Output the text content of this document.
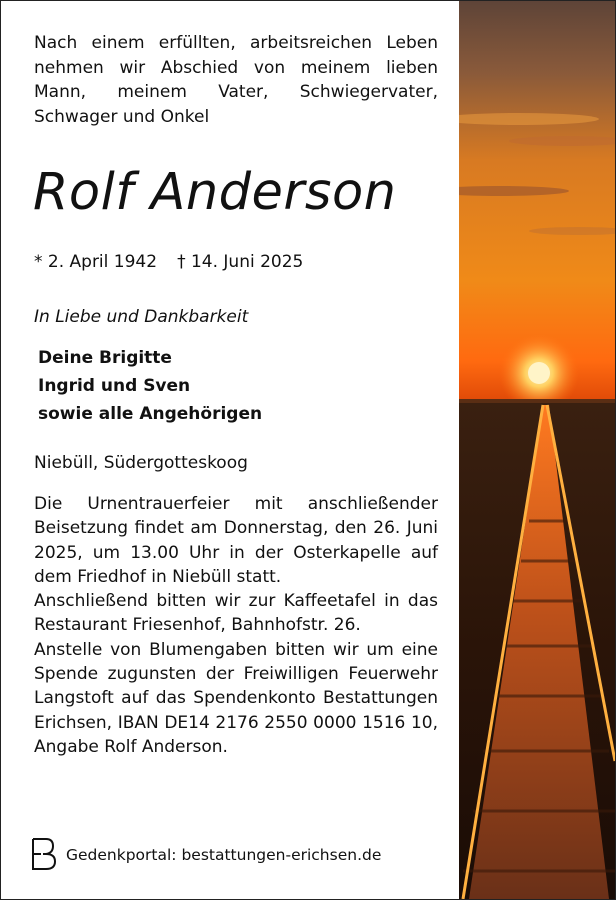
Nach einem erfüllten, arbeitsreichen Leben nehmen wir Abschied von meinem lieben Mann, meinem Vater, Schwiegervater, Schwager und Onkel
Rolf Anderson
* 2. April 1942 † 14. Juni 2025
In Liebe und Dankbarkeit
Deine Brigitte
Ingrid und Sven
sowie alle Angehörigen
Niebüll, Südergotteskoog

Die Urnentrauerfeier mit anschließender Beisetzung findet am Donnerstag, den 26. Juni 2025, um 13.00 Uhr in der Osterkapelle auf dem Friedhof in Niebüll statt.

Anschließend bitten wir zur Kaffeetafel in das Restaurant Friesenhof, Bahnhofstr. 26.

Anstelle von Blumengaben bitten wir um eine Spende zugunsten der Freiwilligen Feuerwehr Langstoft auf das Spendenkonto Bestattungen Erichsen, IBAN DE14 2176 2550 0000 1516 10, Angabe Rolf Anderson.

Gedenkportal: bestattungen-erichsen.de
